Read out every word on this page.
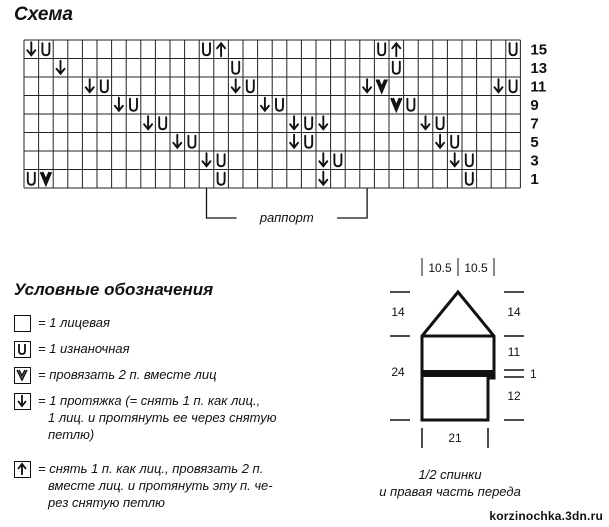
Схема
15
13
11
9
7
5
3
1
раппорт
Условные обозначения
= 1 лицевая
= 1 изнаночная
= провязать 2 п. вместе лиц
= 1 протяжка (= снять 1 п. как лиц.,
1 лиц. и протянуть ее через снятую
петлю)
= снять 1 п. как лиц., провязать 2 п.
вместе лиц. и протянуть эту п. че-
рез снятую петлю
10.5 10.5
14
24
14
11
1
12
21
1/2 спинки
и правая часть переда
korzinochka.3dn.ru
